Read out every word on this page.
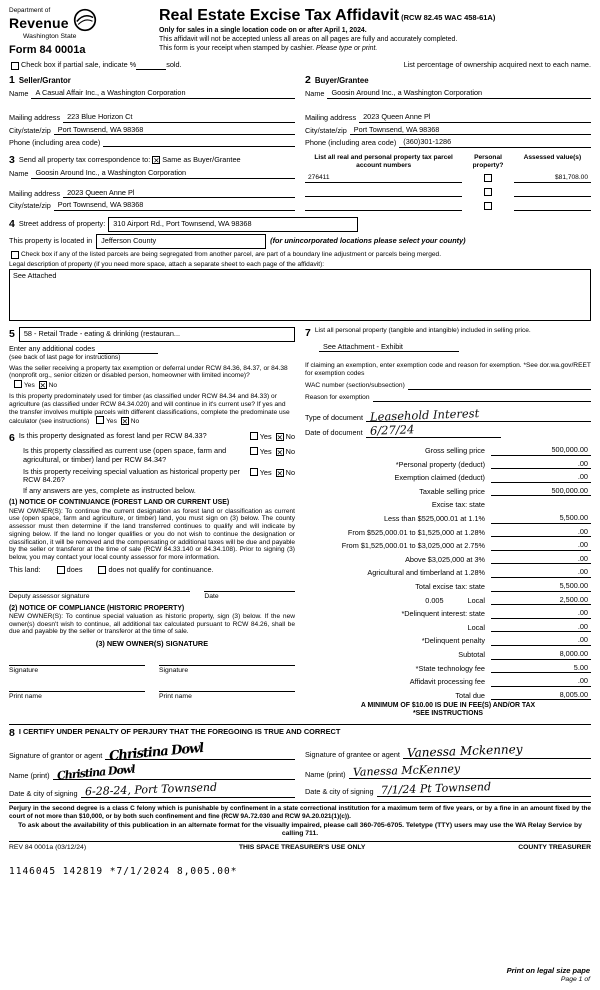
Department of
Revenue
Washington State
Form 84 0001a
Real Estate Excise Tax Affidavit (RCW 82.45 WAC 458-61A)
Only for sales in a single location code on or after April 1, 2024.
This affidavit will not be accepted unless all areas on all pages are fully and accurately completed.
This form is your receipt when stamped by cashier. Please type or print.
Check box if partial sale, indicate %	sold.	List percentage of ownership acquired next to each name.
1 Seller/Grantor
Name A Casual Affair Inc., a Washington Corporation
Mailing address 223 Blue Horizon Ct
City/state/zip Port Townsend, WA 98368
Phone (including area code)
2 Buyer/Grantee
Name Goosin Around Inc., a Washington Corporation
Mailing address 2023 Queen Anne Pl
City/state/zip Port Townsend, WA 98368
Phone (including area code) (360)301-1286
3 Send all property tax correspondence to: ✕ Same as Buyer/Grantee
Name Goosin Around Inc., a Washington Corporation
Mailing address 2023 Queen Anne Pl
City/state/zip Port Townsend, WA 98368
List all real and personal property tax parcel account numbers
Personal property?
Assessed value(s)
276411	$81,708.00
4 Street address of property:	310 Airport Rd., Port Townsend, WA 98368
This property is located in	Jefferson County	(for unincorporated locations please select your county)
Check box if any of the listed parcels are being segregated from another parcel, are part of a boundary line adjustment or parcels being merged.
Legal description of property (if you need more space, attach a separate sheet to each page of the affidavit):
See Attached
5	58 - Retail Trade - eating & drinking (restauran...
Enter any additional codes
(see back of last page for instructions)
Was the seller receiving a property tax exemption or deferral under RCW 84.36, 84.37, or 84.38 (nonprofit org., senior citizen or disabled person, homeowner with limited income)? Yes ✕ No
Is this property predominately used for timber (as classified under RCW 84.34 and 84.33) or agriculture (as classified under RCW 84.34.020) and will continue in it's current use? If yes and the transfer involves multiple parcels with different classifications, complete the predominate use calculator (see instructions)	Yes ✕ No
6 Is this property designated as forest land per RCW 84.33?	Yes ✕ No
Is this property classified as current use (open space, farm and agricultural, or timber) land per RCW 84.34?
Yes ✕ No
Is this property receiving special valuation as historical property per RCW 84.26?
Yes ✕ No
If any answers are yes, complete as instructed below.
(1) NOTICE OF CONTINUANCE (FOREST LAND OR CURRENT USE)
NEW OWNER(S): To continue the current designation as forest land or classification as current use (open space, farm and agriculture, or timber) land, you must sign on (3) below. The county assessor must then determine if the land transferred continues to qualify and will indicate by signing below. If the land no longer qualifies or you do not wish to continue the designation or classification, it will be removed and the compensating or additional taxes will be due and payable by the seller or transferor at the time of sale (RCW 84.33.140 or 84.34.108). Prior to signing (3) below, you may contact your local county assessor for more information.
This land:	does	does not qualify for continuance.
Deputy assessor signature	Date
(2) NOTICE OF COMPLIANCE (HISTORIC PROPERTY)
NEW OWNER(S): To continue special valuation as historic property, sign (3) below. If the new owner(s) doesn't wish to continue, all additional tax calculated pursuant to RCW 84.26, shall be due and payable by the seller or transferor at the time of sale.
(3) NEW OWNER(S) SIGNATURE
Signature	Signature
Print name	Print name
7 List all personal property (tangible and intangible) included in selling price.
See Attachment - Exhibit
If claiming an exemption, enter exemption code and reason for exemption. *See dor.wa.gov/REET for exemption codes
WAC number (section/subsection)
Reason for exemption
Type of document Leasehold Interest
Date of document 6/27/24
Gross selling price	500,000.00
*Personal property (deduct)	.00
Exemption claimed (deduct)	.00
Taxable selling price	500,000.00
Excise tax: state
Less than $525,000.01 at 1.1%	5,500.00
From $525,000.01 to $1,525,000 at 1.28%	.00
From $1,525,000.01 to $3,025,000 at 2.75%	.00
Above $3,025,000 at 3%	.00
Agricultural and timberland at 1.28%	.00
Total excise tax: state	5,500.00
0.005	Local	2,500.00
*Delinquent interest: state	.00
Local	.00
*Delinquent penalty	.00
Subtotal	8,000.00
*State technology fee	5.00
Affidavit processing fee	.00
Total due	8,005.00
A MINIMUM OF $10.00 IS DUE IN FEE(S) AND/OR TAX
*SEE INSTRUCTIONS
8 I CERTIFY UNDER PENALTY OF PERJURY THAT THE FOREGOING IS TRUE AND CORRECT
Signature of grantor or agent Christina Dowl
Name (print) Christina Dowl
Date & city of signing 6-28-24, Port Townsend
Signature of grantee or agent Vanessa Mckenney
Name (print) Vanessa McKenney
Date & city of signing 7/1/24 Pt Townsend
Perjury in the second degree is a class C felony which is punishable by confinement in a state correctional institution for a maximum term of five years, or by a fine in an amount fixed by the court of not more than $10,000, or by both such confinement and fine (RCW 9A.72.030 and RCW 9A.20.021(1)(c)).
To ask about the availability of this publication in an alternate format for the visually impaired, please call 360-705-6705. Teletype (TTY) users may use the WA Relay Service by calling 711.
REV 84 0001a (03/12/24)	THIS SPACE TREASURER'S USE ONLY	COUNTY TREASURER
1146045 142819 *7/1/2024 8,005.00*
Print on legal size pape
Page 1 of
